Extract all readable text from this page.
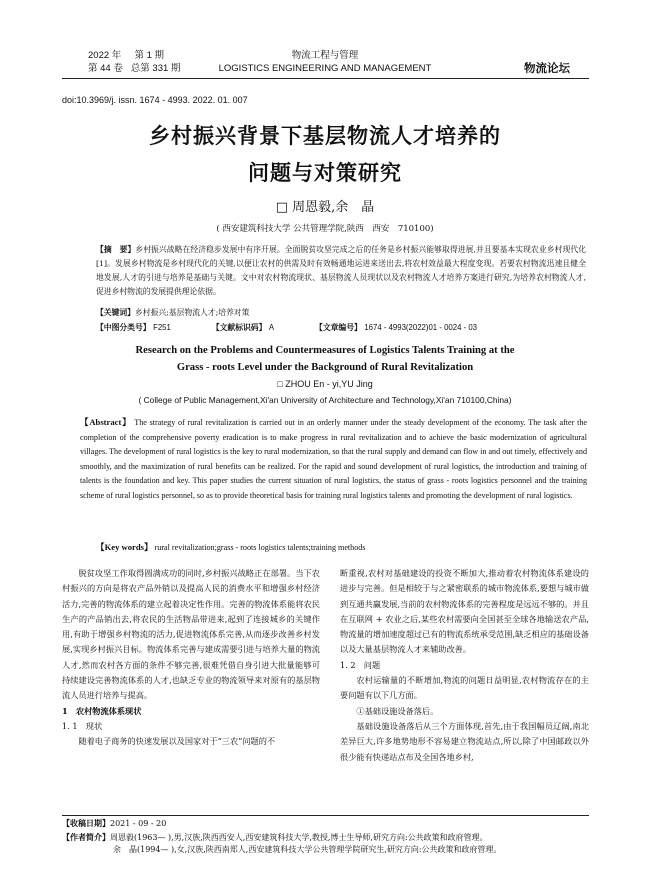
2022 年 第 1 期
第 44 卷 总第 331 期
物流工程与管理
LOGISTICS ENGINEERING AND MANAGEMENT	物流论坛
doi:10.3969/j. issn. 1674 - 4993. 2022. 01. 007
乡村振兴背景下基层物流人才培养的
问题与对策研究
□ 周恩毅,余　晶
( 西安建筑科技大学 公共管理学院,陕西　西安　710100)
【摘　要】乡村振兴战略在经济稳步发展中有序开展。全面脱贫攻坚完成之后的任务是乡村振兴能够取得进展,并且要基本实现农业乡村现代化[1]。发展乡村物流是乡村现代化的关键,以便让农村的供需及时有效畅通地运进来送出去,将农村效益最大程度变现。若要农村物流迅速且健全地发展,人才的引进与培养是基础与关键。文中对农村物流现状、基层物流人员现状以及农村物流人才培养方案进行研究,为培养农村物流人才,促进乡村物流的发展提供理论依据。
【关键词】乡村振兴;基层物流人才;培养对策
【中图分类号】 F251	【文献标识码】 A	【文章编号】 1674 - 4993(2022)01 - 0024 - 03
Research on the Problems and Countermeasures of Logistics Talents Training at the
Grass - roots Level under the Background of Rural Revitalization
□ ZHOU En - yi,YU Jing
( College of Public Management,Xi'an University of Architecture and Technology,Xi'an 710100,China)
【Abstract】 The strategy of rural revitalization is carried out in an orderly manner under the steady development of the economy. The task after the completion of the comprehensive poverty eradication is to make progress in rural revitalization and to achieve the basic modernization of agricultural villages. The development of rural logistics is the key to rural modernization, so that the rural supply and demand can flow in and out timely, effectively and smoothly, and the maximization of rural benefits can be realized. For the rapid and sound development of rural logistics, the introduction and training of talents is the foundation and key. This paper studies the current situation of rural logistics, the status of grass - roots logistics personnel and the training scheme of rural logistics personnel, so as to provide theoretical basis for training rural logistics talents and promoting the development of rural logistics.
【Key words】 rural revitalization;grass - roots logistics talents;training methods

脱贫攻坚工作取得圆满成功的同时,乡村振兴战略正在部署。当下农村振兴的方向是将农产品外销以及提高人民的消费水平和增强乡村经济活力,完善的物流体系的建立起着决定性作用。完善的物流体系能将农民生产的产品销出去,将农民的生活物品带进来,起到了连接城乡的关键作用,有助于增强乡村物流的活力,促进物流体系完善,从而逐步改善乡村发展,实现乡村振兴目标。物流体系完善与建成需要引进与培养大量的物流人才,然而农村各方面的条件不够完善,很难凭借自身引进大批量能够可持续建设完善物流体系的人才,也缺乏专业的物流领导来对原有的基层物流人员进行培养与提高。

1　农村物流体系现状

1. 1　现状

随着电子商务的快速发展以及国家对于“三农”问题的不

断重视,农村对基础建设的投资不断加大,推动着农村物流体系建设的进步与完善。但是相较于与之紧密联系的城市物流体系,要想与城市做到互通共赢发展,当前的农村物流体系的完善程度是远远不够的。并且在互联网 + 农业之后,某些农村需要向全国甚至全球各地输送农产品,物流量的增加速度超过已有的物流系统承受范围,缺乏相应的基础设备以及大量基层物流人才来辅助改善。

1. 2　问题

农村运输量的不断增加,物流的问题日益明显,农村物流存在的主要问题有以下几方面。

①基础设施设备落后。

基础设施设备落后从三个方面体现,首先,由于我国幅员辽阔,南北差异巨大,许多地势地形不容易建立物流站点,所以,除了中国邮政以外很少能有快递站点布及全国各地乡村,

【收稿日期】2021 - 09 - 20
【作者简介】周恩毅(1963— ),男,汉族,陕西西安人,西安建筑科技大学,教授,博士生导师,研究方向:公共政策和政府管理。
余　晶(1994— ),女,汉族,陕西南郑人,西安建筑科技大学公共管理学院研究生,研究方向:公共政策和政府管理。
